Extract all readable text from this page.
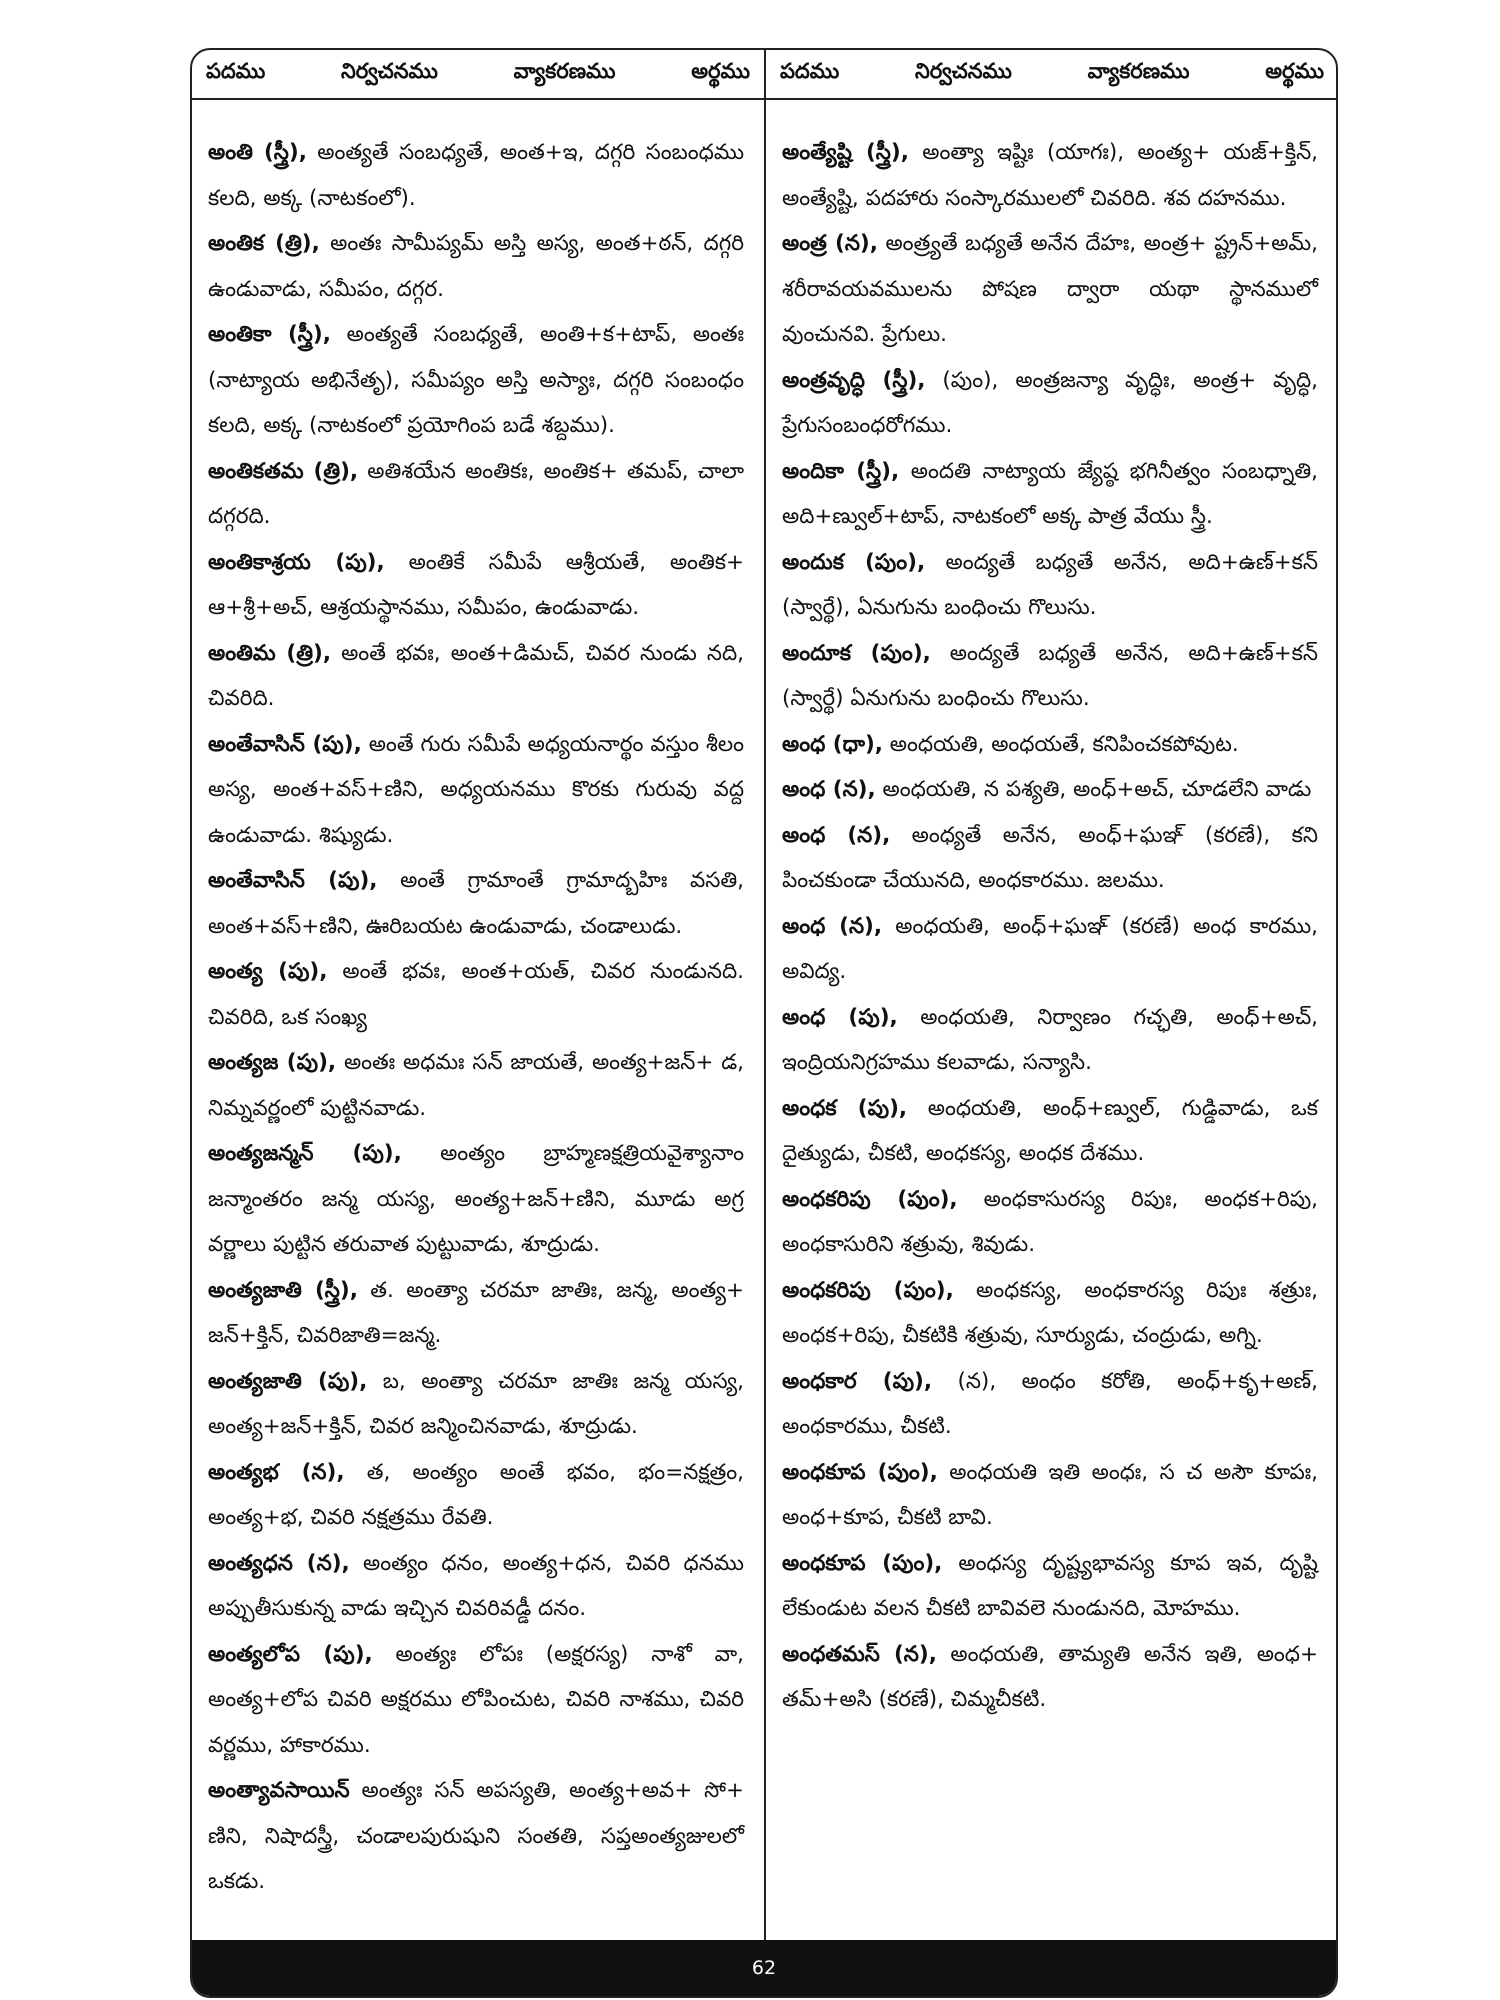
పదము	నిర్వచనము	వ్యాకరణము	అర్థము పదము	నిర్వచనము	వ్యాకరణము	అర్థము

అంతి (స్త్రీ), అంత్యతే సంబధ్యతే, అంత+ఇ, దగ్గరి సంబంధము కలది, అక్క (నాటకంలో).

అంతిక (త్రి), అంతః సామీప్యమ్ అస్తి అస్య, అంత+ఠన్, దగ్గరి ఉండువాడు, సమీపం, దగ్గర.

అంతికా (స్త్రీ), అంత్యతే సంబధ్యతే, అంతి+క+టాప్, అంతః (నాట్యాయ అభినేతృ), సమీప్యం అస్తి అస్యాః, దగ్గరి సంబంధం కలది, అక్క (నాటకంలో ప్రయోగింప బడే శబ్దము).

అంతికతమ (త్రి), అతిశయేన అంతికః, అంతిక+ తమప్, చాలా దగ్గరది.

అంతికాశ్రయ (పు), అంతికే సమీపే ఆశ్రీయతే, అంతిక+ ఆ+శ్రీ+అచ్, ఆశ్రయస్థానము, సమీపం, ఉండువాడు.

అంతిమ (త్రి), అంతే భవః, అంత+డిమచ్, చివర నుండు నది, చివరిది.

అంతేవాసిన్ (పు), అంతే గురు సమీపే అధ్యయనార్థం వస్తుం శీలం అస్య, అంత+వస్+ణిని, అధ్యయనము కొరకు గురువు వద్ద ఉండువాడు. శిష్యుడు.

అంతేవాసిన్ (పు), అంతే గ్రామాంతే గ్రామాద్బహిః వసతి, అంత+వస్+ణిని, ఊరిబయట ఉండువాడు, చండాలుడు.

అంత్య (పు), అంతే భవః, అంత+యత్, చివర నుండునది. చివరిది, ఒక సంఖ్య

అంత్యజ (పు), అంతః అధమః సన్ జాయతే, అంత్య+జన్+ డ, నిమ్నవర్ణంలో పుట్టినవాడు.

అంత్యజన్మన్ (పు), అంత్యం బ్రాహ్మణక్షత్రియవైశ్యానాం జన్మాంతరం జన్మ యస్య, అంత్య+జన్+ణిని, మూడు అగ్ర వర్ణాలు పుట్టిన తరువాత పుట్టువాడు, శూద్రుడు.

అంత్యజాతి (స్త్రీ), త. అంత్యా చరమా జాతిః, జన్మ, అంత్య+ జన్+క్తిన్, చివరిజాతి=జన్మ.

అంత్యజాతి (పు), బ, అంత్యా చరమా జాతిః జన్మ యస్య, అంత్య+జన్+క్తిన్, చివర జన్మించినవాడు, శూద్రుడు.

అంత్యభ (న), త, అంత్యం అంతే భవం, భం=నక్షత్రం, అంత్య+భ, చివరి నక్షత్రము రేవతి.

అంత్యధన (న), అంత్యం ధనం, అంత్య+ధన, చివరి ధనము అప్పుతీసుకున్న వాడు ఇచ్చిన చివరివడ్డీ దనం.

అంత్యలోప (పు), అంత్యః లోపః (అక్షరస్య) నాశో వా, అంత్య+లోప చివరి అక్షరము లోపించుట, చివరి నాశము, చివరి వర్ణము, హాకారము.

అంత్యావసాయిన్ అంత్యః సన్ అపస్యతి, అంత్య+అవ+ సో+ ణిని, నిషాదస్త్రీ, చండాలపురుషుని సంతతి, సప్తఅంత్యజులలో ఒకడు.

అంత్యేష్టి (స్త్రీ), అంత్యా ఇష్టిః (యాగః), అంత్య+ యజ్+క్తిన్, అంత్యేష్టి, పదహారు సంస్కారములలో చివరిది. శవ దహనము.

అంత్ర (న), అంత్ర్యతే బధ్యతే అనేన దేహః, అంత్ర+ ష్ట్రన్+అమ్, శరీరావయవములను పోషణ ద్వారా యథా స్థానములో వుంచునవి. ప్రేగులు.

అంత్రవృద్ధి (స్త్రీ), (పుం), అంత్రజన్యా వృద్ధిః, అంత్ర+ వృద్ధి, ప్రేగుసంబంధరోగము.

అందికా (స్త్రీ), అందతి నాట్యాయ జ్యేష్ఠ భగినీత్వం సంబధ్నాతి, అది+ణ్వుల్+టాప్, నాటకంలో అక్క పాత్ర వేయు స్త్రీ.

అందుక (పుం), అంద్యతే బధ్యతే అనేన, అది+ఉణ్+కన్ (స్వార్థే), ఏనుగును బంధించు గొలుసు.

అందూక (పుం), అంద్యతే బధ్యతే అనేన, అది+ఉణ్+కన్ (స్వార్థే) ఏనుగును బంధించు గొలుసు.

అంధ (ధా), అంధయతి, అంధయతే, కనిపించకపోవుట.

అంధ (న), అంధయతి, న పశ్యతి, అంధ్+అచ్, చూడలేని వాడు

అంధ (న), అంధ్యతే అనేన, అంధ్+ఘఞ్ (కరణే), కని పించకుండా చేయునది, అంధకారము. జలము.

అంధ (న), అంధయతి, అంధ్+ఘఞ్ (కరణే) అంధ కారము, అవిద్య.

అంధ (పు), అంధయతి, నిర్వాణం గచ్ఛతి, అంధ్+అచ్, ఇంద్రియనిగ్రహము కలవాడు, సన్యాసి.

అంధక (పు), అంధయతి, అంధ్+ణ్వుల్, గుడ్డివాడు, ఒక దైత్యుడు, చీకటి, అంధకస్య, అంధక దేశము.

అంధకరిపు (పుం), అంధకాసురస్య రిపుః, అంధక+రిపు, అంధకాసురిని శత్రువు, శివుడు.

అంధకరిపు (పుం), అంధకస్య, అంధకారస్య రిపుః శత్రుః, అంధక+రిపు, చీకటికి శత్రువు, సూర్యుడు, చంద్రుడు, అగ్ని.

అంధకార (పు), (న), అంధం కరోతి, అంధ్+కృ+అణ్, అంధకారము, చీకటి.

అంధకూప (పుం), అంధయతి ఇతి అంధః, స చ అసౌ కూపః, అంధ+కూప, చీకటి బావి.

అంధకూప (పుం), అంధస్య దృష్ట్యభావస్య కూప ఇవ, దృష్టి లేకుండుట వలన చీకటి బావివలె నుండునది, మోహము.

అంధతమస్ (న), అంధయతి, తామ్యతి అనేన ఇతి, అంధ+ తమ్+అసి (కరణే), చిమ్మచీకటి.

62
